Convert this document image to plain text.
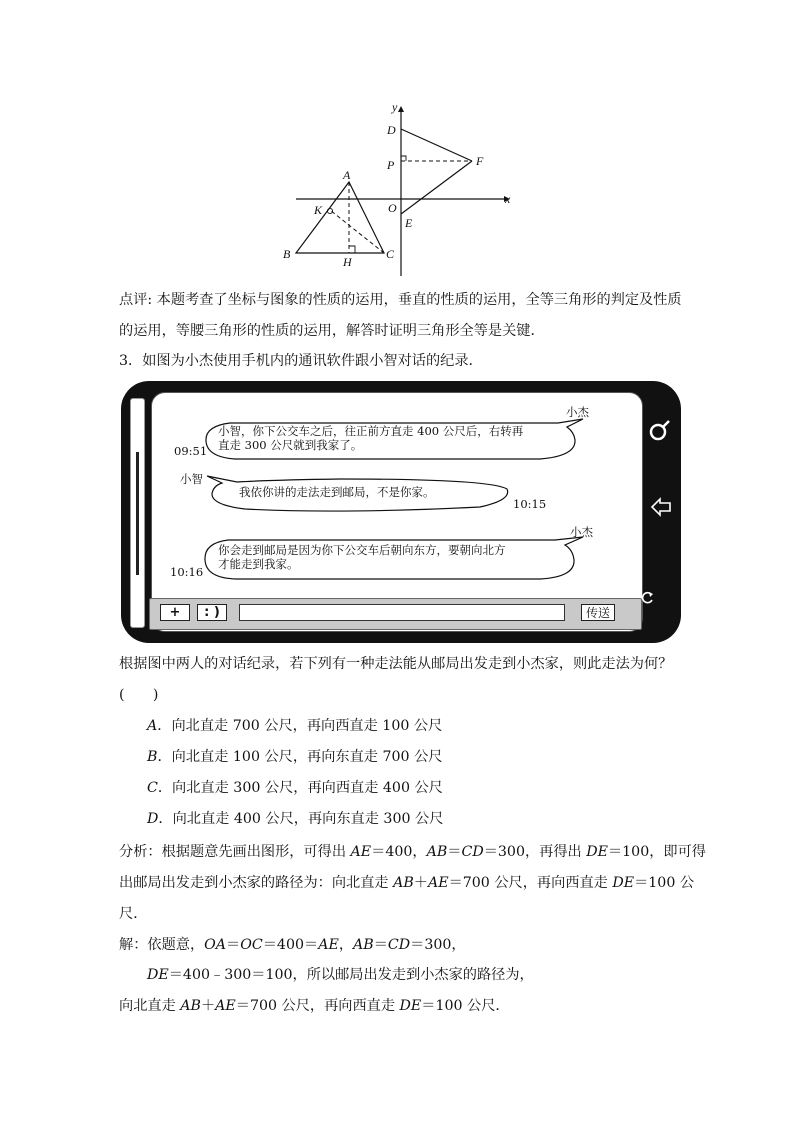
y
x
D
P	F
A
O
K
E
B
H
C
点评: 本题考查了坐标与图象的性质的运用，垂直的性质的运用，全等三角形的判定及性质
的运用，等腰三角形的性质的运用，解答时证明三角形全等是关键．
3．如图为小杰使用手机内的通讯软件跟小智对话的纪录．
小杰
09:51
小智，你下公交车之后，往正前方直走 400 公尺后，右转再
直走 300 公尺就到我家了。
小智
我依你讲的走法走到邮局，不是你家。
10:15
小杰
你会走到邮局是因为你下公交车后朝向东方，要朝向北方
才能走到我家。
10:16
+	: )	传送
根据图中两人的对话纪录，若下列有一种走法能从邮局出发走到小杰家，则此走法为何？
(　　)
A．向北直走 700 公尺，再向西直走 100 公尺
B．向北直走 100 公尺，再向东直走 700 公尺
C．向北直走 300 公尺，再向西直走 400 公尺
D．向北直走 400 公尺，再向东直走 300 公尺
分析：根据题意先画出图形，可得出 AE＝400，AB＝CD＝300，再得出 DE＝100，即可得
出邮局出发走到小杰家的路径为：向北直走 AB＋AE＝700 公尺，再向西直走 DE＝100 公
尺．
解：依题意，OA＝OC＝400＝AE，AB＝CD＝300，
DE＝400﹣300＝100，所以邮局出发走到小杰家的路径为，
向北直走 AB＋AE＝700 公尺，再向西直走 DE＝100 公尺．
